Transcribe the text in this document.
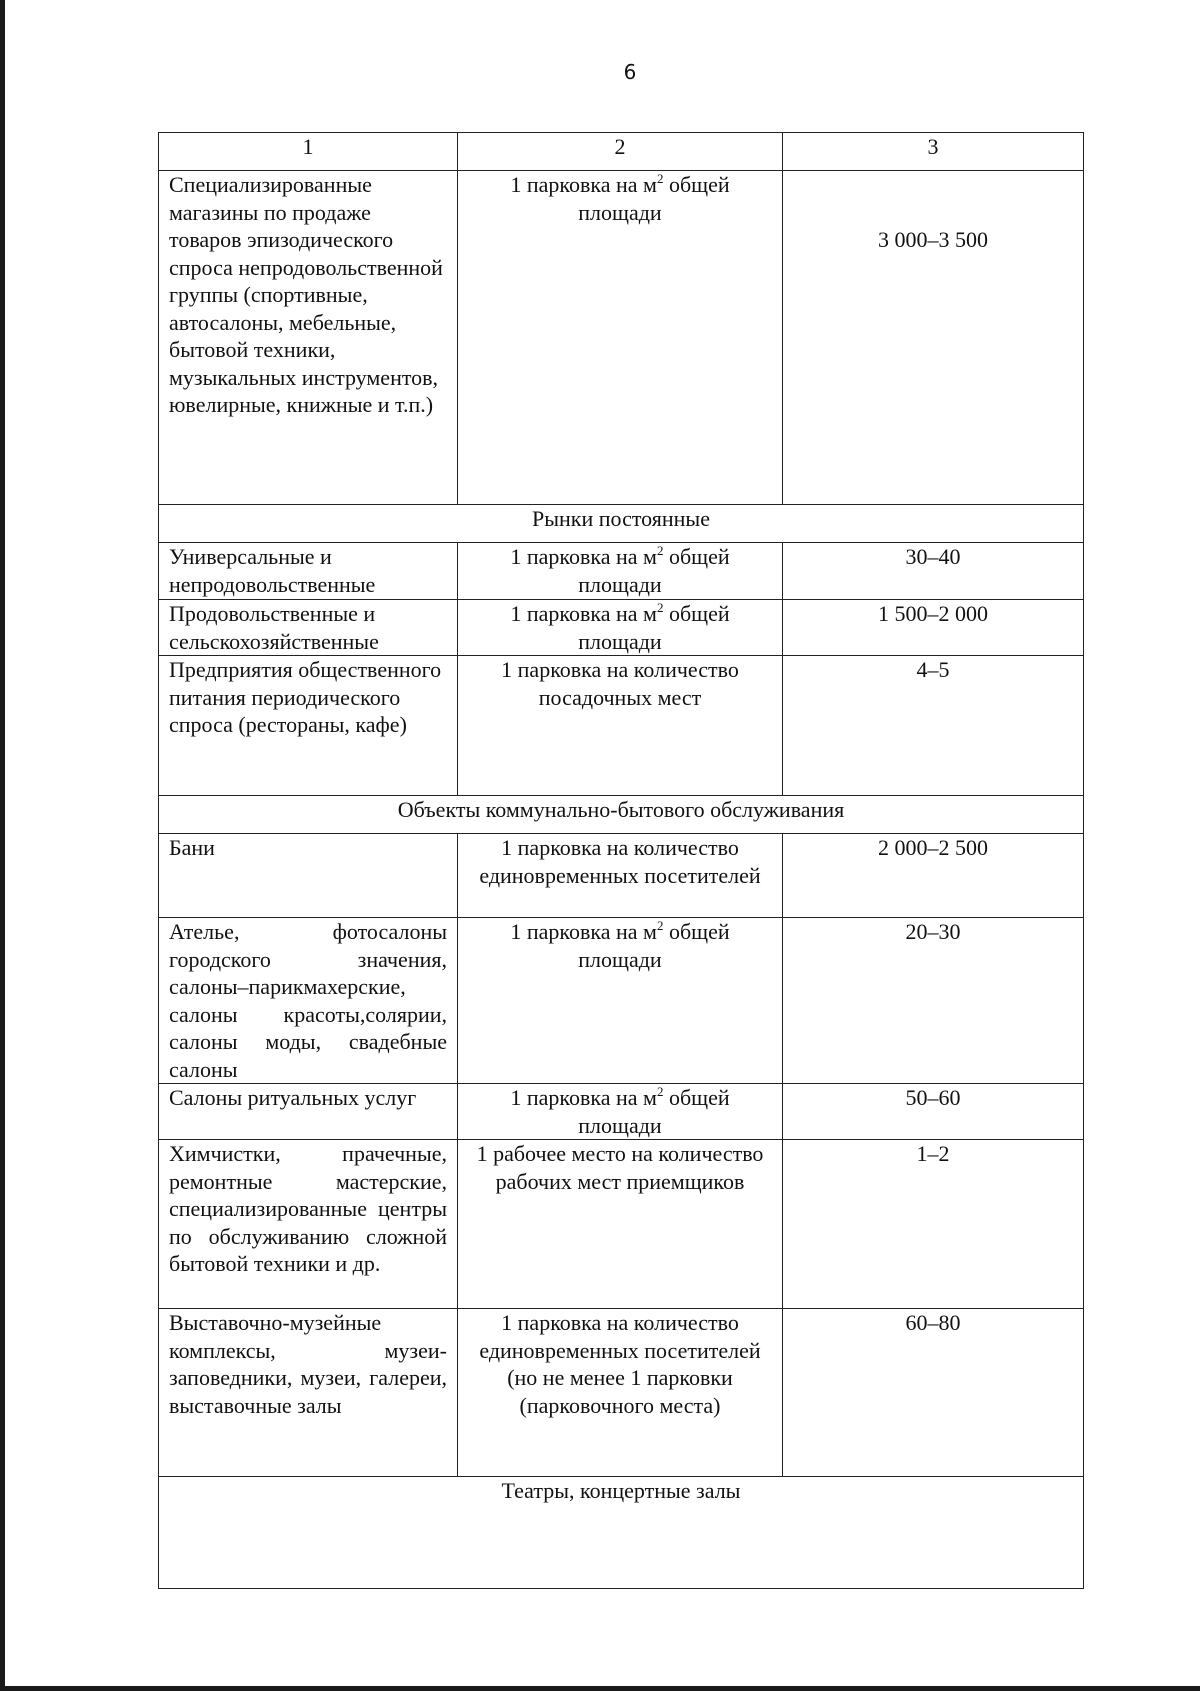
6
1	2	3
Специализированные магазины по продаже товаров эпизодического спроса непродовольственной группы (спортивные, автосалоны, мебельные, бытовой техники, музыкальных инструментов, ювелирные, книжные и т.п.)	1 парковка на $м^2$ общей площади	3 000–3 500
Рынки постоянные		
Универсальные и непродовольственные	1 парковка на $м^2$ общей площади	30–40
Продовольственные и сельскохозяйственные	1 парковка на $м^2$ общей площади	1 500–2 000
Предприятия общественного питания периодического спроса (рестораны, кафе)	1 парковка на количество посадочных мест	4–5
Объекты коммунально-бытового обслуживания		
Бани	1 парковка на количество единовременных посетителей	2 000–2 500
Ателье, фотосалоны городского значения, салоны–парикмахерские, салоны красоты,солярии, салоны моды, свадебные салоны	1 парковка на $м^2$ общей площади	20–30
Салоны ритуальных услуг	1 парковка на $м^2$ общей площади	50–60
Химчистки, прачечные, ремонтные мастерские, специализированные центры по обслуживанию сложной бытовой техники и др.	1 рабочее место на количество рабочих мест приемщиков	1–2
Выставочно-музейные комплексы, музеи-заповедники, музеи, галереи, выставочные залы	1 парковка на количество единовременных посетителей (но не менее 1 парковки (парковочного места)	60–80
Театры, концертные залы		
